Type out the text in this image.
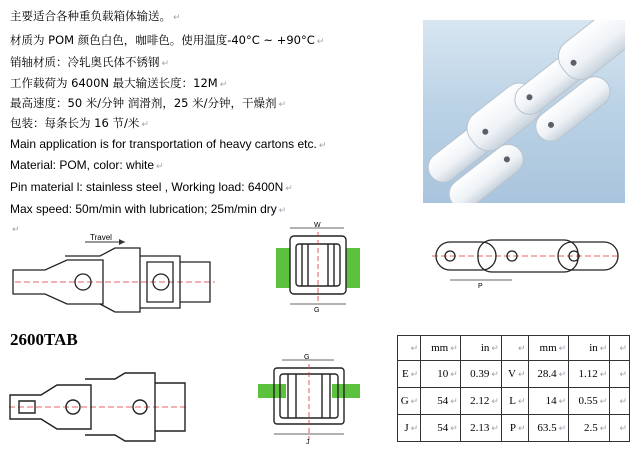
主要适合各种重负载箱体输送。 ↵
材质为 POM 颜色白色，咖啡色。使用温度-40°C ~ +90°C ↵
销轴材质：冷轧奥氏体不锈钢 ↵
工作载荷为 6400N 最大输送长度：12M ↵
最高速度：50 米/分钟 润滑剂，25 米/分钟，干燥剂 ↵
包装：每条长为 16 节/米 ↵
Main application is for transportation of heavy cartons etc. ↵
Material: POM, color: white ↵
Pin material l: stainless steel , Working load: 6400N ↵
Max speed: 50m/min with lubrication; 25m/min dry ↵
↵
Travel
W
G
P
2600TAB
G
J
↵	mm ↵	in ↵	↵	mm ↵	in ↵	↵
E ↵	10 ↵	0.39 ↵	V ↵	28.4 ↵	1.12 ↵	↵
G ↵	54 ↵	2.12 ↵	L ↵	14 ↵	0.55 ↵	↵
J ↵	54 ↵	2.13 ↵	P ↵	63.5 ↵	2.5 ↵	↵
